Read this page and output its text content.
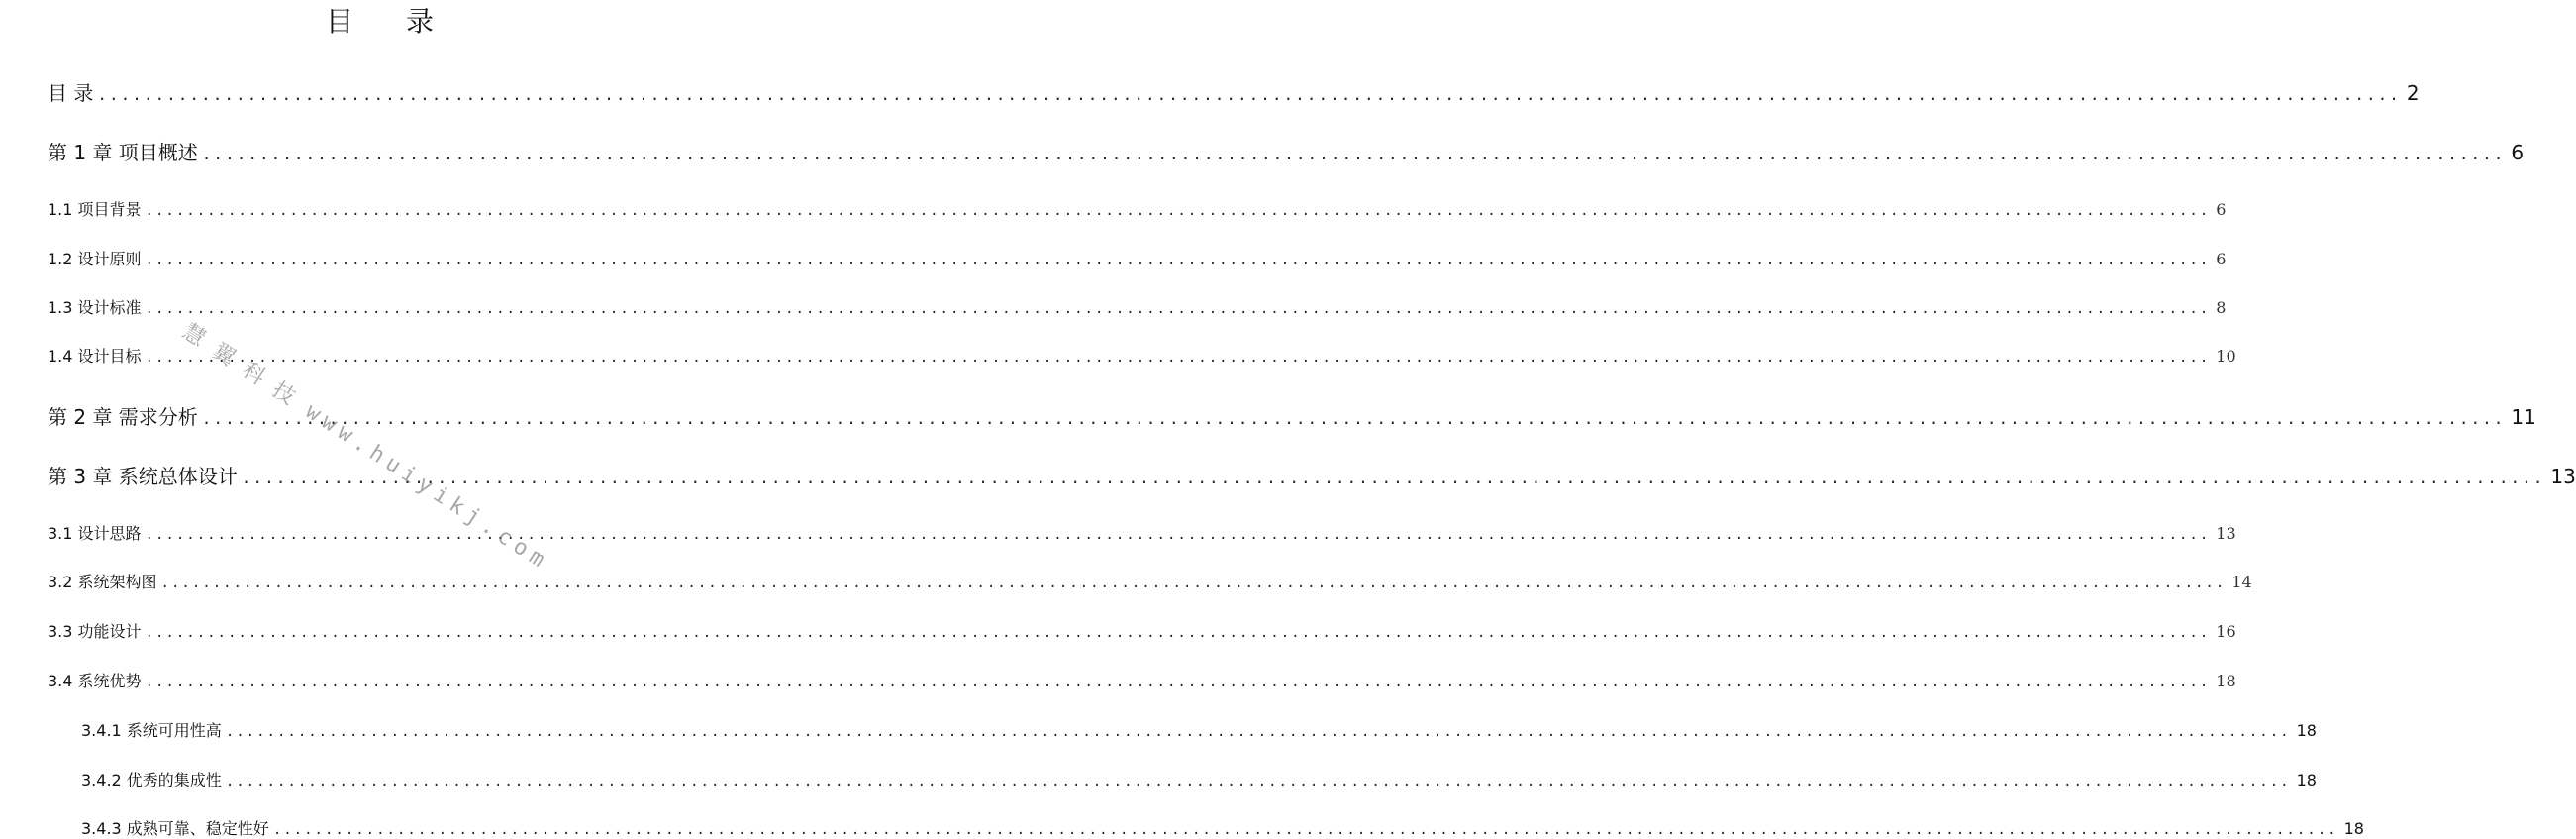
目 录
目 录 ........................................................................................................................................................................................................ 2
第 1 章 项目概述 ........................................................................................................................................................................................................ 6
1.1 项目背景 ........................................................................................................................................................................................................ 6
1.2 设计原则 ........................................................................................................................................................................................................ 6
1.3 设计标准 ........................................................................................................................................................................................................ 8
1.4 设计目标 ........................................................................................................................................................................................................ 10
第 2 章 需求分析 ........................................................................................................................................................................................................ 11
第 3 章 系统总体设计 ........................................................................................................................................................................................................ 13
3.1 设计思路 ........................................................................................................................................................................................................ 13
3.2 系统架构图 ........................................................................................................................................................................................................ 14
3.3 功能设计 ........................................................................................................................................................................................................ 16
3.4 系统优势 ........................................................................................................................................................................................................ 18
3.4.1 系统可用性高 ........................................................................................................................................................................................................ 18
3.4.2 优秀的集成性 ........................................................................................................................................................................................................ 18
3.4.3 成熟可靠、稳定性好 ........................................................................................................................................................................................................ 18
慧翼科技www.huiyikj.com
